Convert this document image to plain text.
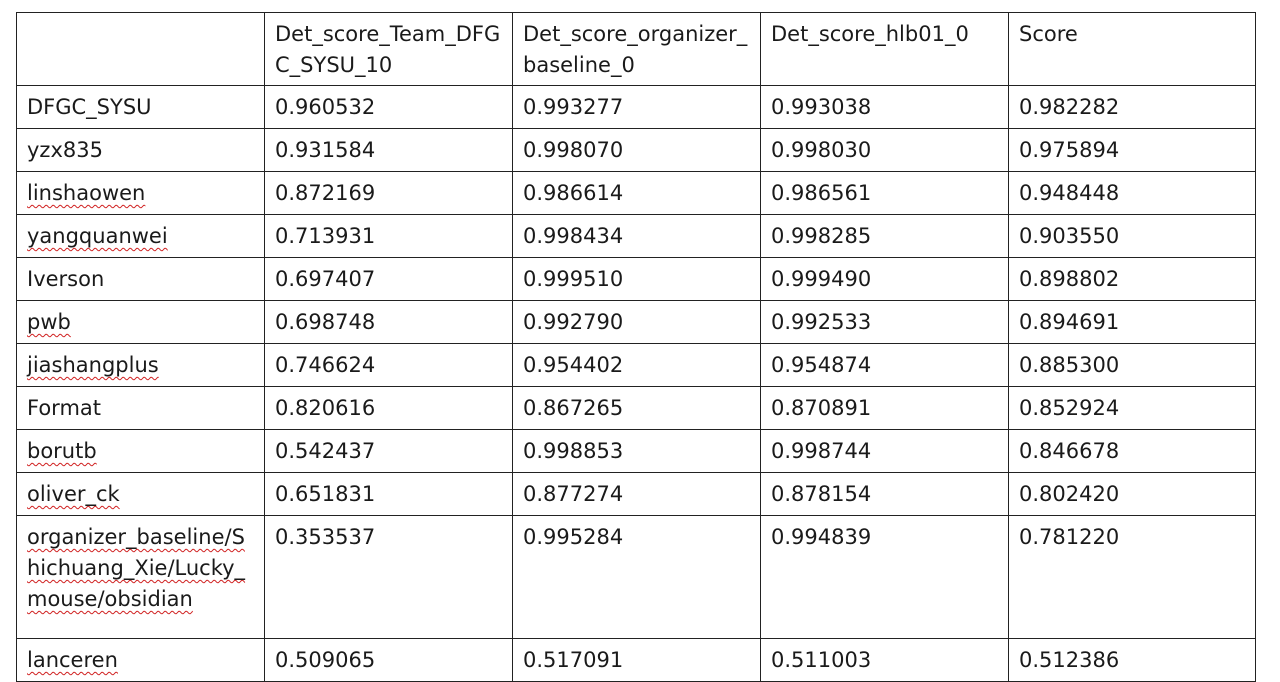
	Det_score_Team_DFGC_SYSU_10	Det_score_organizer_baseline_0	Det_score_hlb01_0	Score
DFGC_SYSU	0.960532	0.993277	0.993038	0.982282
yzx835	0.931584	0.998070	0.998030	0.975894
linshaowen	0.872169	0.986614	0.986561	0.948448
yangquanwei	0.713931	0.998434	0.998285	0.903550
Iverson	0.697407	0.999510	0.999490	0.898802
pwb	0.698748	0.992790	0.992533	0.894691
jiashangplus	0.746624	0.954402	0.954874	0.885300
Format	0.820616	0.867265	0.870891	0.852924
borutb	0.542437	0.998853	0.998744	0.846678
oliver_ck	0.651831	0.877274	0.878154	0.802420
organizer_baseline/Shichuang_Xie/Lucky_mouse/obsidian	0.353537	0.995284	0.994839	0.781220
lanceren	0.509065	0.517091	0.511003	0.512386
